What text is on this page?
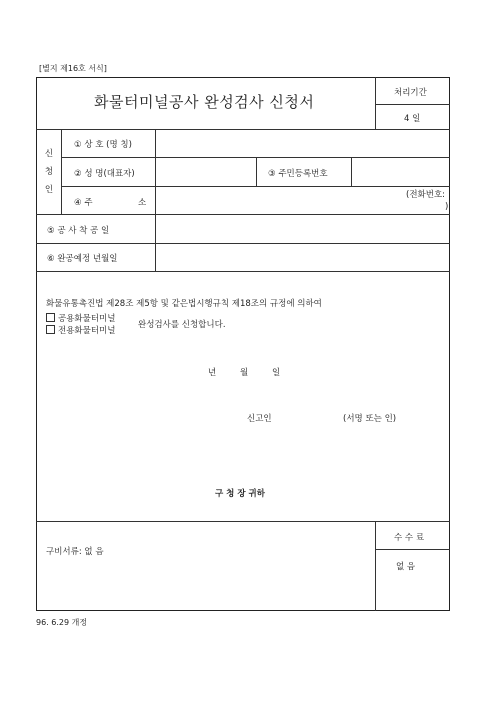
[별지 제16호 서식]
화물터미널공사 완성검사 신청서	처리기간
4 일
신
청
인
① 상 호 (명 칭)
② 성 명(대표자)	③ 주민등록번호
④ 주	소
(전화번호:
)
⑤ 공 사 착 공 일
⑥ 완공예정 년월일
화물유통촉진법 제28조 제5항 및 같은법시행규칙 제18조의 규정에 의하여
공용화물터미널
전용화물터미널
완성검사를 신청합니다.
년	월	일
신고인	(서명 또는 인)
구 청 장 귀하
구비서류: 없 음
수 수 료
없 음
96. 6.29 개정
